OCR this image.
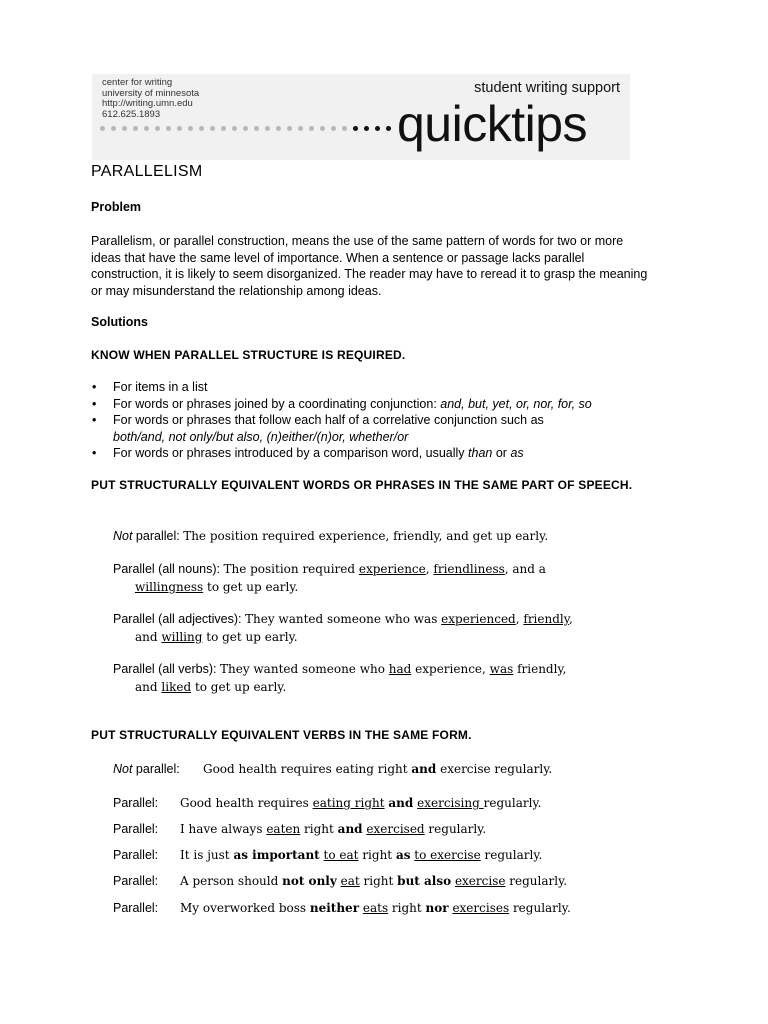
center for writing
university of minnesota
http://writing.umn.edu
612.625.1893
student writing support
quicktips
PARALLELISM
Problem
Parallelism, or parallel construction, means the use of the same pattern of words for two or more ideas that have the same level of importance. When a sentence or passage lacks parallel construction, it is likely to seem disorganized. The reader may have to reread it to grasp the meaning or may misunderstand the relationship among ideas.
Solutions
KNOW WHEN PARALLEL STRUCTURE IS REQUIRED.
• For items in a list
• For words or phrases joined by a coordinating conjunction: and, but, yet, or, nor, for, so
• For words or phrases that follow each half of a correlative conjunction such as
both/and, not only/but also, (n)either/(n)or, whether/or
• For words or phrases introduced by a comparison word, usually than or as
PUT STRUCTURALLY EQUIVALENT WORDS OR PHRASES IN THE SAME PART OF SPEECH.
Not parallel: The position required experience, friendly, and get up early.
Parallel (all nouns): The position required experience, friendliness, and a
willingness to get up early.
Parallel (all adjectives): They wanted someone who was experienced, friendly,
and willing to get up early.
Parallel (all verbs): They wanted someone who had experience, was friendly,
and liked to get up early.
PUT STRUCTURALLY EQUIVALENT VERBS IN THE SAME FORM.
Not parallel: Good health requires eating right and exercise regularly.
Parallel: Good health requires eating right and exercising regularly.
Parallel: I have always eaten right and exercised regularly.
Parallel: It is just as important to eat right as to exercise regularly.
Parallel: A person should not only eat right but also exercise regularly.
Parallel: My overworked boss neither eats right nor exercises regularly.
